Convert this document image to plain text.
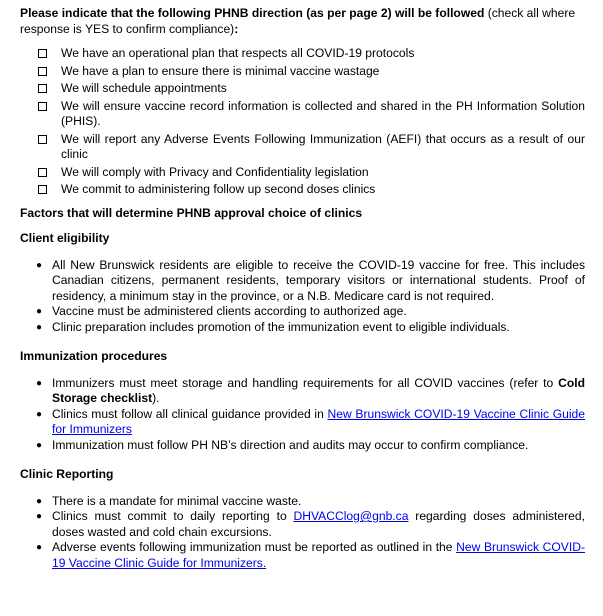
Please indicate that the following PHNB direction (as per page 2) will be followed (check all where response is YES to confirm compliance):

We have an operational plan that respects all COVID-19 protocols
We have a plan to ensure there is minimal vaccine wastage
We will schedule appointments
We will ensure vaccine record information is collected and shared in the PH Information Solution (PHIS).
We will report any Adverse Events Following Immunization (AEFI) that occurs as a result of our clinic
We will comply with Privacy and Confidentiality legislation
We commit to administering follow up second doses clinics

Factors that will determine PHNB approval choice of clinics

Client eligibility

● All New Brunswick residents are eligible to receive the COVID-19 vaccine for free. This includes Canadian citizens, permanent residents, temporary visitors or international students. Proof of residency, a minimum stay in the province, or a N.B. Medicare card is not required.
● Vaccine must be administered clients according to authorized age.
● Clinic preparation includes promotion of the immunization event to eligible individuals.

Immunization procedures

● Immunizers must meet storage and handling requirements for all COVID vaccines (refer to Cold Storage checklist).
● Clinics must follow all clinical guidance provided in New Brunswick COVID-19 Vaccine Clinic Guide for Immunizers
● Immunization must follow PH NB’s direction and audits may occur to confirm compliance.

Clinic Reporting

● There is a mandate for minimal vaccine waste.
● Clinics must commit to daily reporting to DHVACClog@gnb.ca regarding doses administered, doses wasted and cold chain excursions.
● Adverse events following immunization must be reported as outlined in the New Brunswick COVID-19 Vaccine Clinic Guide for Immunizers.
